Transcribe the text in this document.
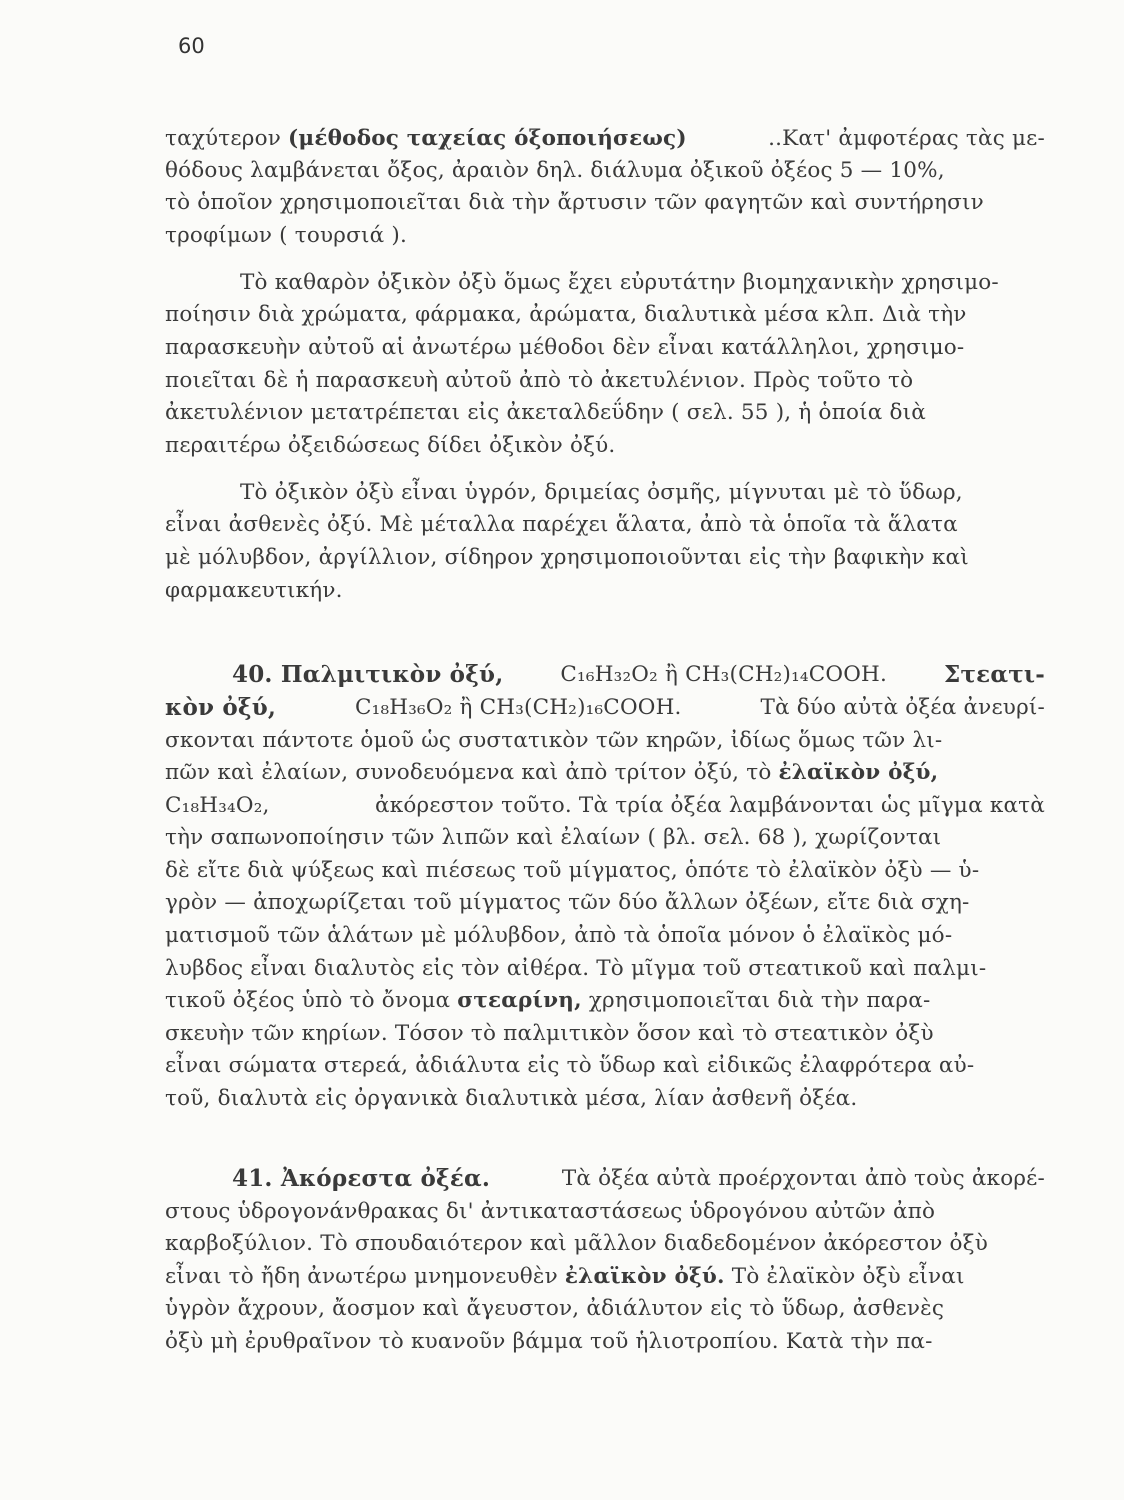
60
ταχύτερον (μέθοδος ταχείας όξοποιήσεως)	..Κατ' ἀμφοτέρας τὰς με-
θόδους λαμβάνεται ὄξος, ἀραιὸν δηλ. διάλυμα ὀξικοῦ ὀξέος 5 — 10%,
τὸ ὁποῖον χρησιμοποιεῖται διὰ τὴν ἄρτυσιν τῶν φαγητῶν καὶ συντήρησιν
τροφίμων ( τουρσιά ).
Τὸ καθαρὸν ὀξικὸν ὀξὺ ὅμως ἔχει εὐρυτάτην βιομηχανικὴν χρησιμο-
ποίησιν διὰ χρώματα, φάρμακα, ἀρώματα, διαλυτικὰ μέσα κλπ. Διὰ τὴν
παρασκευὴν αὐτοῦ αἱ ἀνωτέρω μέθοδοι δὲν εἶναι κατάλληλοι, χρησιμο-
ποιεῖται δὲ ἡ παρασκευὴ αὐτοῦ ἀπὸ τὸ ἀκετυλένιον. Πρὸς τοῦτο τὸ
ἀκετυλένιον μετατρέπεται εἰς ἀκεταλδεΰδην ( σελ. 55 ), ἡ ὁποία διὰ
περαιτέρω ὀξειδώσεως δίδει ὀξικὸν ὀξύ.
Τὸ ὀξικὸν ὀξὺ εἶναι ὑγρόν, δριμείας ὀσμῆς, μίγνυται μὲ τὸ ὕδωρ,
εἶναι ἀσθενὲς ὀξύ. Μὲ μέταλλα παρέχει ἅλατα, ἀπὸ τὰ ὁποῖα τὰ ἅλατα
μὲ μόλυβδον, ἀργίλλιον, σίδηρον χρησιμοποιοῦνται εἰς τὴν βαφικὴν καὶ
φαρμακευτικήν.
40. Παλμιτικὸν ὀξύ,	C₁₆H₃₂O₂ ἢ CH₃(CH₂)₁₄COOH. Στεατι-
κὸν ὀξύ,	C₁₈H₃₆O₂ ἢ CH₃(CH₂)₁₆COOH.	Τὰ δύο αὐτὰ ὀξέα ἀνευρί-
σκονται πάντοτε ὁμοῦ ὡς συστατικὸν τῶν κηρῶν, ἰδίως ὅμως τῶν λι-
πῶν καὶ ἐλαίων, συνοδευόμενα καὶ ἀπὸ τρίτον ὀξύ, τὸ ἐλαϊκὸν ὀξύ,
C₁₈H₃₄O₂,	ἀκόρεστον τοῦτο. Τὰ τρία ὀξέα λαμβάνονται ὡς μῖγμα κατὰ
τὴν σαπωνοποίησιν τῶν λιπῶν καὶ ἐλαίων ( βλ. σελ. 68 ), χωρίζονται
δὲ εἴτε διὰ ψύξεως καὶ πιέσεως τοῦ μίγματος, ὁπότε τὸ ἐλαϊκὸν ὀξὺ — ὑ-
γρὸν — ἀποχωρίζεται τοῦ μίγματος τῶν δύο ἄλλων ὀξέων, εἴτε διὰ σχη-
ματισμοῦ τῶν ἁλάτων μὲ μόλυβδον, ἀπὸ τὰ ὁποῖα μόνον ὁ ἐλαϊκὸς μό-
λυβδος εἶναι διαλυτὸς εἰς τὸν αἰθέρα. Τὸ μῖγμα τοῦ στεατικοῦ καὶ παλμι-
τικοῦ ὀξέος ὑπὸ τὸ ὄνομα στεαρίνη, χρησιμοποιεῖται διὰ τὴν παρα-
σκευὴν τῶν κηρίων. Τόσον τὸ παλμιτικὸν ὅσον καὶ τὸ στεατικὸν ὀξὺ
εἶναι σώματα στερεά, ἀδιάλυτα εἰς τὸ ὕδωρ καὶ εἰδικῶς ἐλαφρότερα αὐ-
τοῦ, διαλυτὰ εἰς ὀργανικὰ διαλυτικὰ μέσα, λίαν ἀσθενῆ ὀξέα.
41. Ἀκόρεστα ὀξέα.	Τὰ ὀξέα αὐτὰ προέρχονται ἀπὸ τοὺς ἀκορέ-
στους ὑδρογονάνθρακας δι' ἀντικαταστάσεως ὑδρογόνου αὐτῶν ἀπὸ
καρβοξύλιον. Τὸ σπουδαιότερον καὶ μᾶλλον διαδεδομένον ἀκόρεστον ὀξὺ
εἶναι τὸ ἤδη ἀνωτέρω μνημονευθὲν ἐλαϊκὸν ὀξύ. Τὸ ἐλαϊκὸν ὀξὺ εἶναι
ὑγρὸν ἄχρουν, ἄοσμον καὶ ἄγευστον, ἀδιάλυτον εἰς τὸ ὕδωρ, ἀσθενὲς
ὀξὺ μὴ ἐρυθραῖνον τὸ κυανοῦν βάμμα τοῦ ἡλιοτροπίου. Κατὰ τὴν πα-
